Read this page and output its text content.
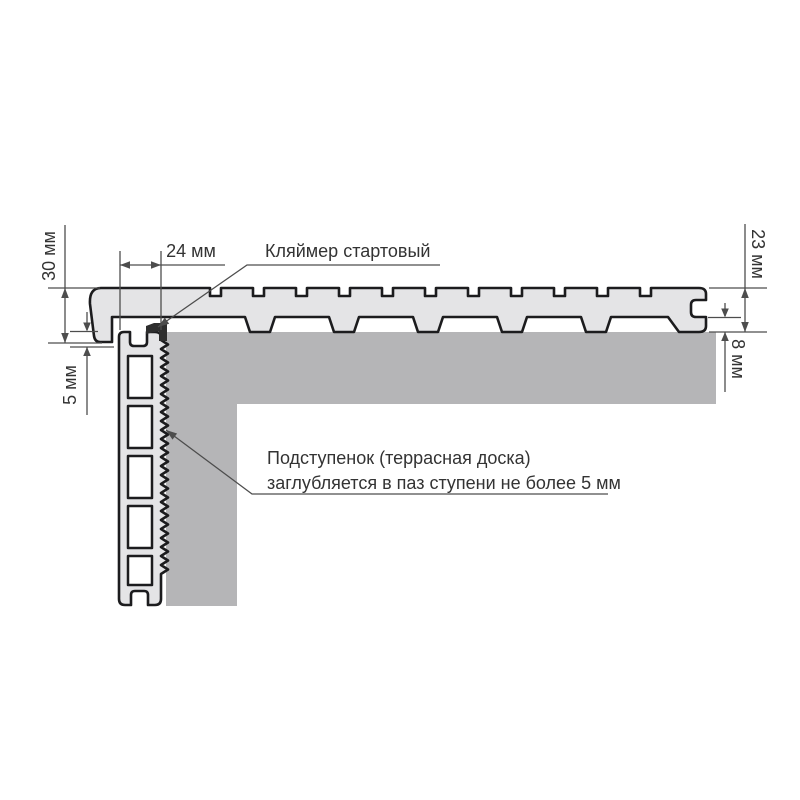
30 мм
5 мм
24 мм	Кляймер стартовый	23 мм
8 мм
Подступенок (террасная доска)
заглубляется в паз ступени не более 5 мм
